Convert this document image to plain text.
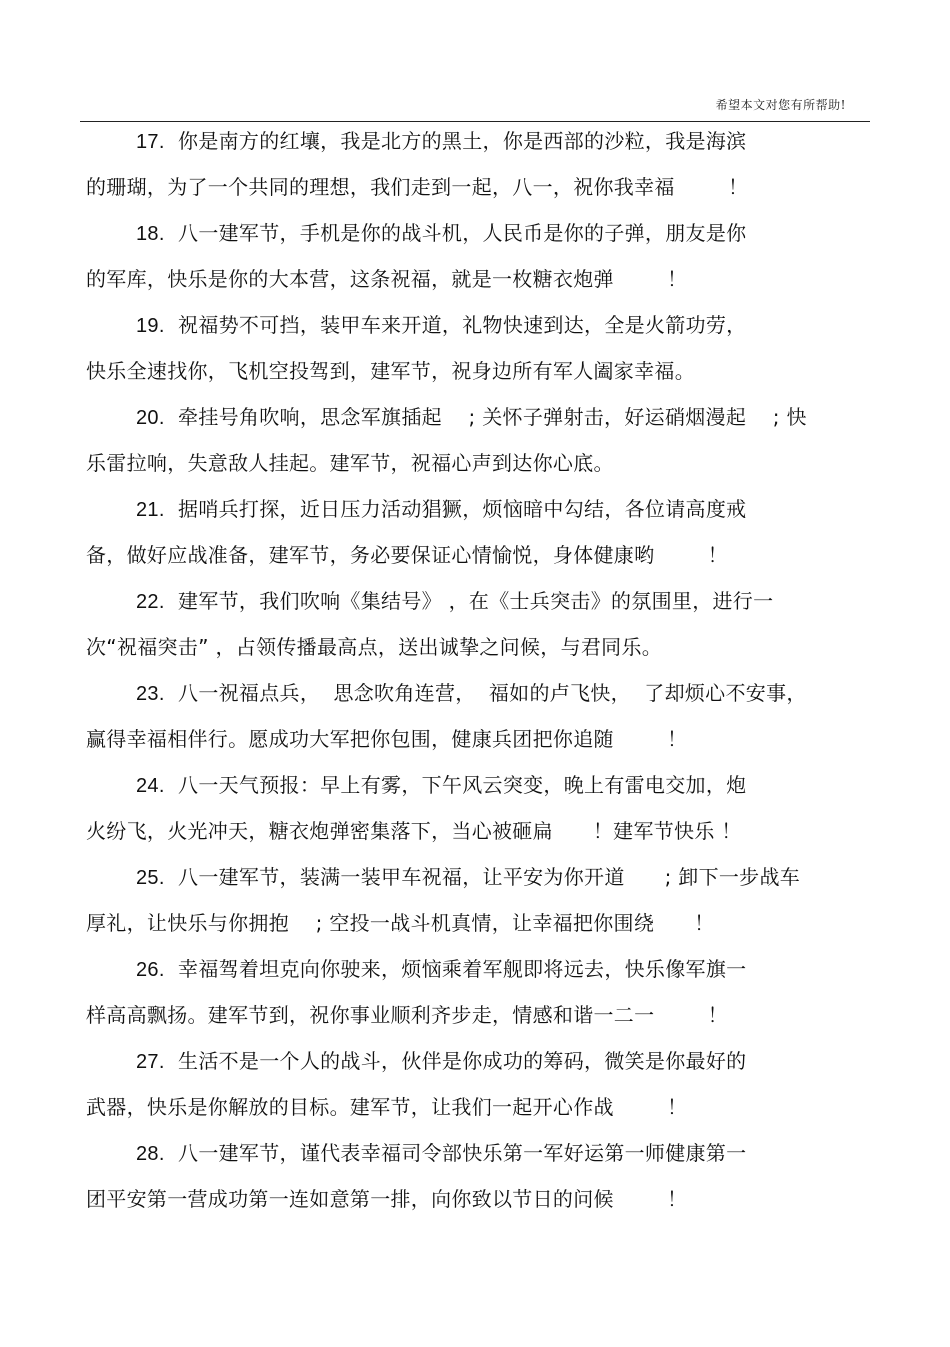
希望本文对您有所帮助!
17. 你是南方的红壤，我是北方的黑土，你是西部的沙粒，我是海滨
的珊瑚，为了一个共同的理想，我们走到一起，八一，祝你我幸福        ！
18. 八一建军节，手机是你的战斗机，人民币是你的子弹，朋友是你
的军库，快乐是你的大本营，这条祝福，就是一枚糖衣炮弹        ！
19. 祝福势不可挡，装甲车来开道，礼物快速到达，全是火箭功劳，
快乐全速找你，飞机空投驾到，建军节，祝身边所有军人阖家幸福。
20. 牵挂号角吹响，思念军旗插起    ; 关怀子弹射击，好运硝烟漫起    ; 快
乐雷拉响，失意敌人挂起。建军节，祝福心声到达你心底。
21. 据哨兵打探，近日压力活动猖獗，烦恼暗中勾结，各位请高度戒
备，做好应战准备，建军节，务必要保证心情愉悦，身体健康哟        ！
22. 建军节，我们吹响《集结号》 ，在《士兵突击》的氛围里，进行一
次“祝福突击” ，占领传播最高点，送出诚挚之问候，与君同乐。
23. 八一祝福点兵，  思念吹角连营，  福如的卢飞快，  了却烦心不安事，
赢得幸福相伴行。愿成功大军把你包围，健康兵团把你追随        ！
24. 八一天气预报：早上有雾，下午风云突变，晚上有雷电交加，炮
火纷飞，火光冲天，糖衣炮弹密集落下，当心被砸扁      ！建军节快乐 ！
25. 八一建军节，装满一装甲车祝福，让平安为你开道      ; 卸下一步战车
厚礼，让快乐与你拥抱    ; 空投一战斗机真情，让幸福把你围绕      ！
26. 幸福驾着坦克向你驶来，烦恼乘着军舰即将远去，快乐像军旗一
样高高飘扬。建军节到，祝你事业顺利齐步走，情感和谐一二一        ！
27. 生活不是一个人的战斗，伙伴是你成功的筹码，微笑是你最好的
武器，快乐是你解放的目标。建军节，让我们一起开心作战        ！
28. 八一建军节，谨代表幸福司令部快乐第一军好运第一师健康第一
团平安第一营成功第一连如意第一排，向你致以节日的问候        ！
